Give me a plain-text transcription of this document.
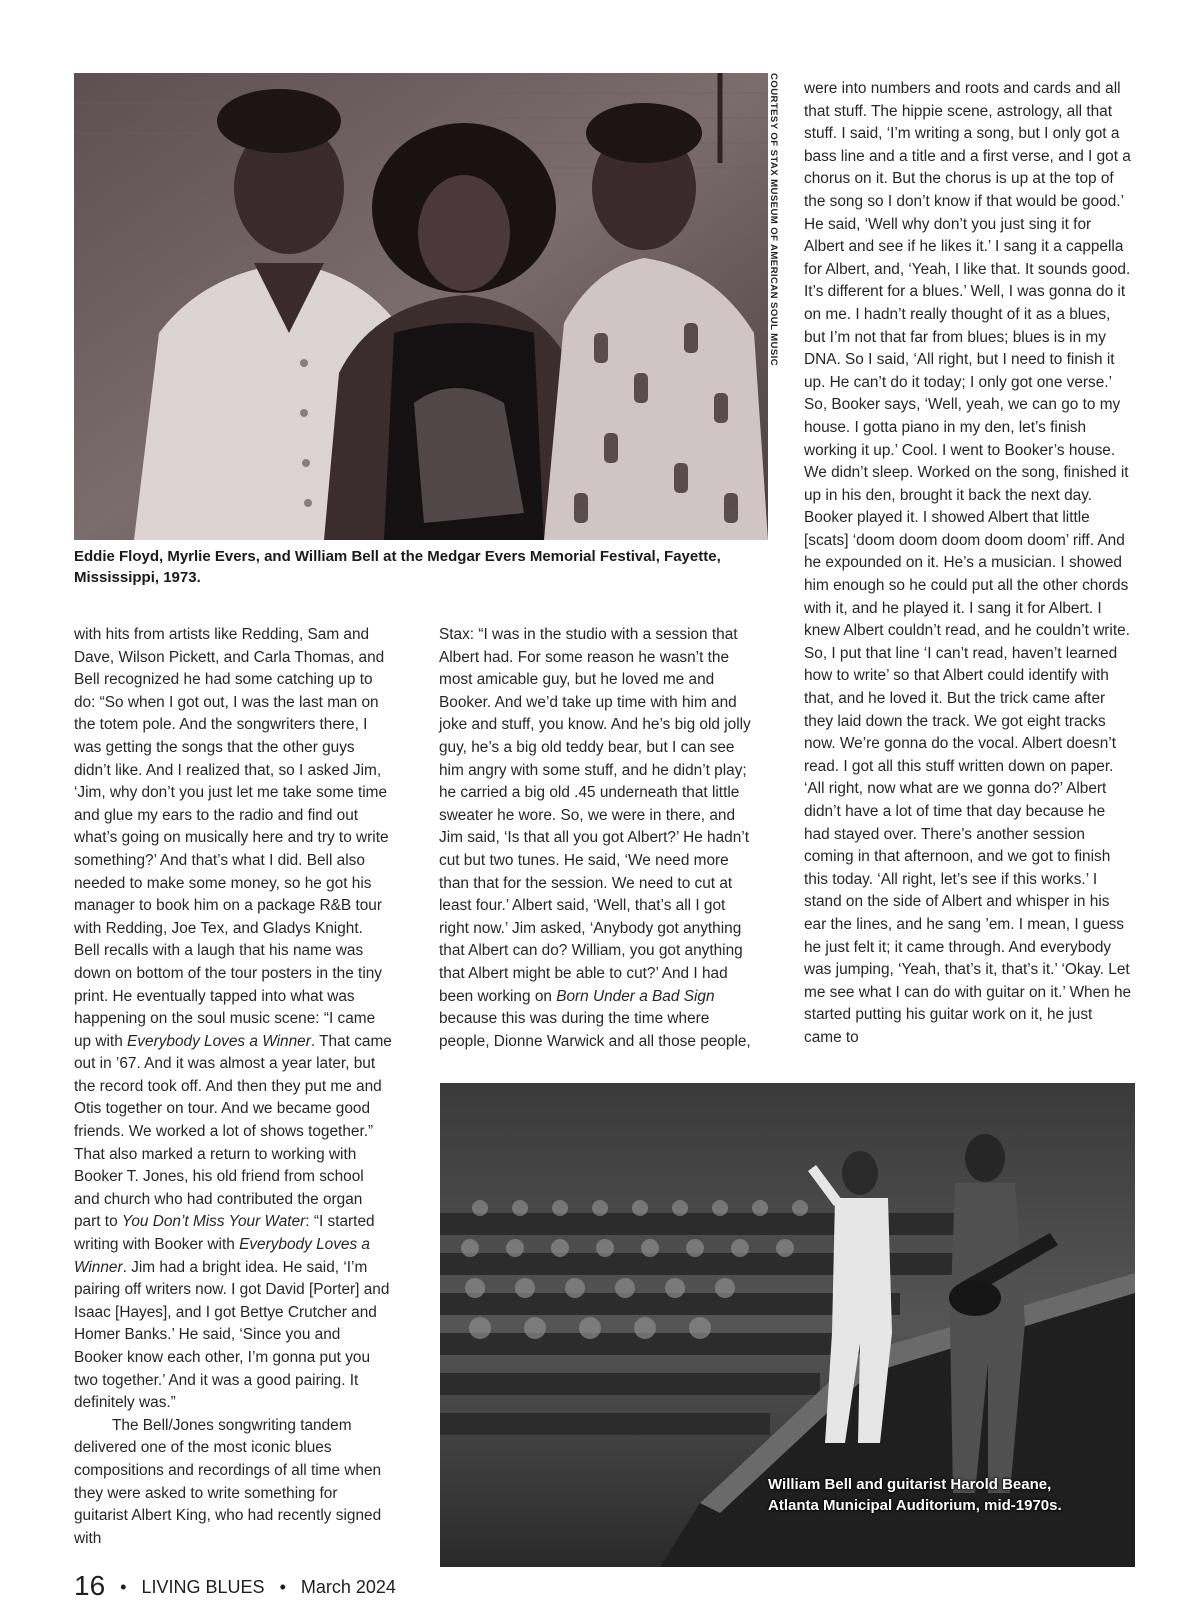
COURTESY OF STAX MUSEUM OF AMERICAN SOUL MUSIC
Eddie Floyd, Myrlie Evers, and William Bell at the Medgar Evers Memorial Festival, Fayette, Mississippi, 1973.

with hits from artists like Redding, Sam and Dave, Wilson Pickett, and Carla Thomas, and Bell recognized he had some catching up to do: “So when I got out, I was the last man on the totem pole. And the songwriters there, I was getting the songs that the other guys didn’t like. And I realized that, so I asked Jim, ‘Jim, why don’t you just let me take some time and glue my ears to the radio and find out what’s going on musically here and try to write something?’ And that’s what I did. Bell also needed to make some money, so he got his manager to book him on a package R&B tour with Redding, Joe Tex, and Gladys Knight. Bell recalls with a laugh that his name was down on bottom of the tour posters in the tiny print. He eventually tapped into what was happening on the soul music scene: “I came up with Everybody Loves a Winner. That came out in ’67. And it was almost a year later, but the record took off. And then they put me and Otis together on tour. And we became good friends. We worked a lot of shows together.” That also marked a return to working with Booker T. Jones, his old friend from school and church who had contributed the organ part to You Don’t Miss Your Water: “I started writing with Booker with Everybody Loves a Winner. Jim had a bright idea. He said, ‘I’m pairing off writers now. I got David [Porter] and Isaac [Hayes], and I got Bettye Crutcher and Homer Banks.’ He said, ‘Since you and Booker know each other, I’m gonna put you two together.’ And it was a good pairing. It definitely was.”

The Bell/Jones songwriting tandem delivered one of the most iconic blues compositions and recordings of all time when they were asked to write something for guitarist Albert King, who had recently signed with

Stax: “I was in the studio with a session that Albert had. For some reason he wasn’t the most amicable guy, but he loved me and Booker. And we’d take up time with him and joke and stuff, you know. And he’s big old jolly guy, he’s a big old teddy bear, but I can see him angry with some stuff, and he didn’t play; he carried a big old .45 underneath that little sweater he wore. So, we were in there, and Jim said, ‘Is that all you got Albert?’ He hadn’t cut but two tunes. He said, ‘We need more than that for the session. We need to cut at least four.’ Albert said, ‘Well, that’s all I got right now.’ Jim asked, ‘Anybody got anything that Albert can do? William, you got anything that Albert might be able to cut?’ And I had been working on Born Under a Bad Sign because this was during the time where people, Dionne Warwick and all those people,

were into numbers and roots and cards and all that stuff. The hippie scene, astrology, all that stuff. I said, ‘I’m writing a song, but I only got a bass line and a title and a first verse, and I got a chorus on it. But the chorus is up at the top of the song so I don’t know if that would be good.’ He said, ‘Well why don’t you just sing it for Albert and see if he likes it.’ I sang it a cappella for Albert, and, ‘Yeah, I like that. It sounds good. It’s different for a blues.’ Well, I was gonna do it on me. I hadn’t really thought of it as a blues, but I’m not that far from blues; blues is in my DNA. So I said, ‘All right, but I need to finish it up. He can’t do it today; I only got one verse.’ So, Booker says, ‘Well, yeah, we can go to my house. I gotta piano in my den, let’s finish working it up.’ Cool. I went to Booker’s house. We didn’t sleep. Worked on the song, finished it up in his den, brought it back the next day. Booker played it. I showed Albert that little [scats] ‘doom doom doom doom doom’ riff. And he expounded on it. He’s a musician. I showed him enough so he could put all the other chords with it, and he played it. I sang it for Albert. I knew Albert couldn’t read, and he couldn’t write. So, I put that line ‘I can’t read, haven’t learned how to write’ so that Albert could identify with that, and he loved it. But the trick came after they laid down the track. We got eight tracks now. We’re gonna do the vocal. Albert doesn’t read. I got all this stuff written down on paper. ‘All right, now what are we gonna do?’ Albert didn’t have a lot of time that day because he had stayed over. There’s another session coming in that afternoon, and we got to finish this today. ‘All right, let’s see if this works.’ I stand on the side of Albert and whisper in his ear the lines, and he sang ’em. I mean, I guess he just felt it; it came through. And everybody was jumping, ‘Yeah, that’s it, that’s it.’ ‘Okay. Let me see what I can do with guitar on it.’ When he started putting his guitar work on it, he just came to

William Bell and guitarist Harold Beane,
Atlanta Municipal Auditorium, mid-1970s.
16 • LIVING BLUES • March 2024
